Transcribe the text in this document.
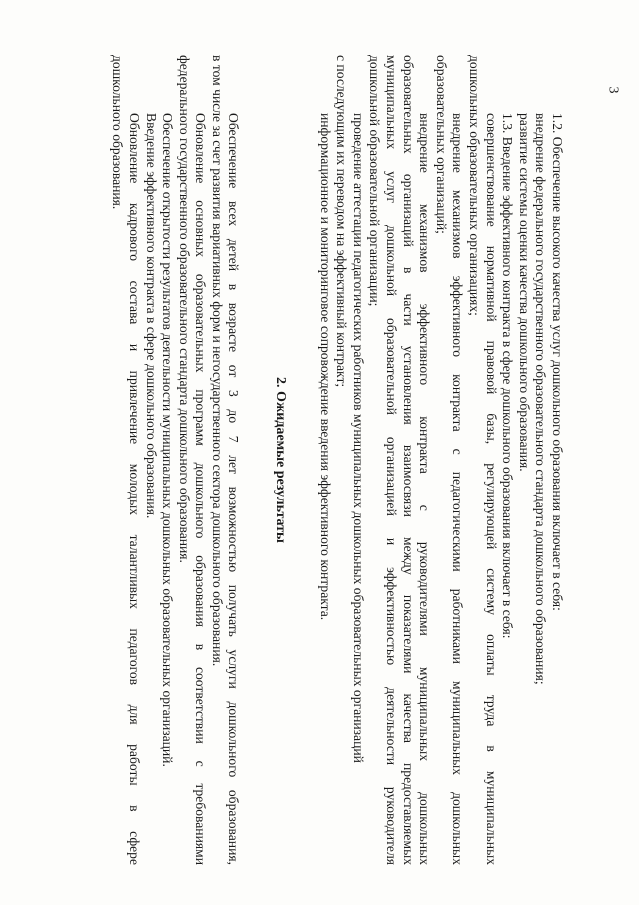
3
1.2. Обеспечение высокого качества услуг дошкольного образования включает в себя:
внедрение федерального государственного образовательного стандарта дошкольного образования;
развитие системы оценки качества дошкольного образования.
1.3. Введение эффективного контракта в сфере дошкольного образования включает в себя:
совершенствование нормативной правовой базы, регулирующей систему оплаты труда в муниципальных
дошкольных образовательных организациях;
внедрение механизмов эффективного контракта с педагогическими работниками муниципальных дошкольных
образовательных организаций;
внедрение механизмов эффективного контракта с руководителями муниципальных дошкольных
образовательных организаций в части установления взаимосвязи между показателями качества предоставляемых
муниципальных услуг дошкольной образовательной организацией и эффективностью деятельности руководителя
дошкольной образовательной организации;
проведение аттестации педагогических работников муниципальных дошкольных образовательных организаций
с последующим их переводом на эффективный контракт;
информационное и мониторинговое сопровождение введения эффективного контракта.
2. Ожидаемые результаты
Обеспечение всех детей в возрасте от 3 до 7 лет возможностью получать услуги дошкольного образования,
в том числе за счет развития вариативных форм и негосударственного сектора дошкольного образования.
Обновление основных образовательных программ дошкольного образования в соответствии с требованиями
федерального государственного образовательного стандарта дошкольного образования.
Обеспечение открытости результатов деятельности муниципальных дошкольных образовательных организаций.
Введение эффективного контракта в сфере дошкольного образования.
Обновление кадрового состава и привлечение молодых талантливых педагогов для работы в сфере
дошкольного образования.
